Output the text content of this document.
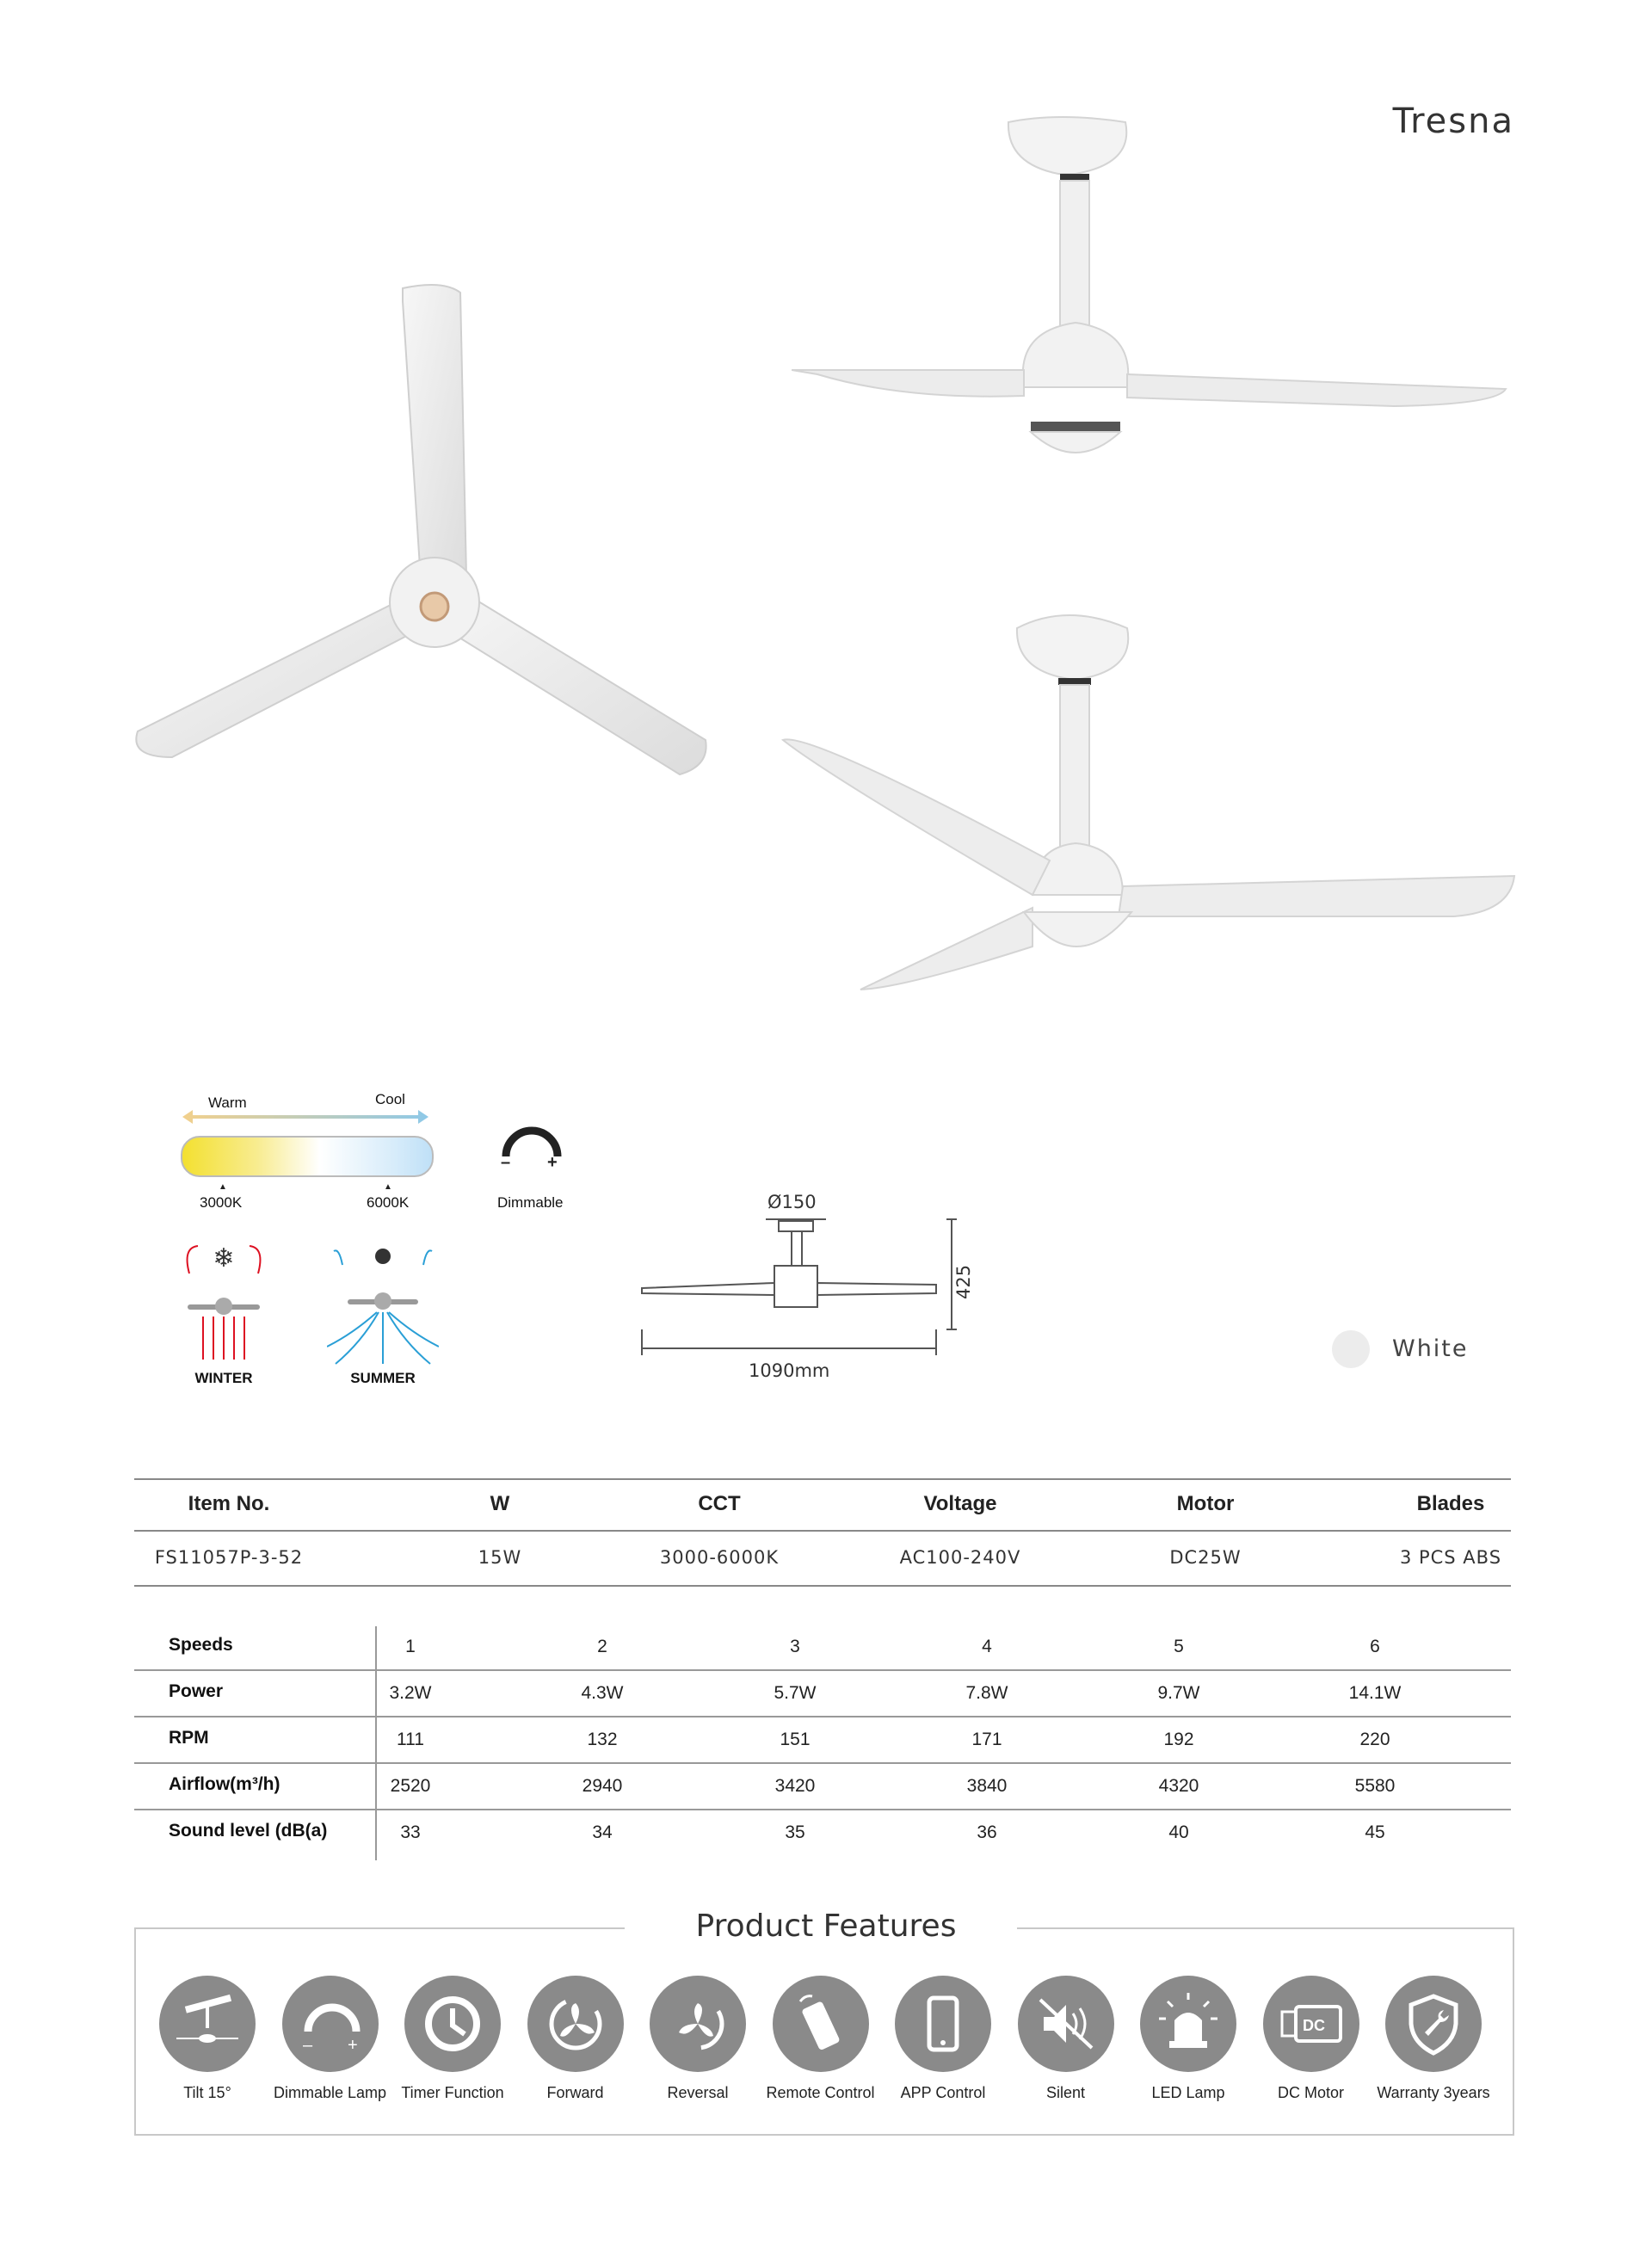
Tresna
Warm	Cool
▲	▲
3000K	6000K
– +
Dimmable
❄
WINTER	SUMMER
Ø150
425
1090mm
White
Item No.	W	CCT	Voltage	Motor	Blades
FS11057P-3-52	15W	3000-6000K	AC100-240V	DC25W	3 PCS ABS
Speeds	1	2	3	4	5	6
Power	3.2W	4.3W	5.7W	7.8W	9.7W	14.1W
RPM	111	132	151	171	192	220
Airflow(m³/h)	2520	2940	3420	3840	4320	5580
Sound level (dB(a)	33	34	35	36	40	45
Product Features
Tilt 15°
– +
Dimmable Lamp Timer Function	Forward	Reversal	Remote Control	APP Control	Silent	LED Lamp
DC
DC Motor	Warranty 3years
